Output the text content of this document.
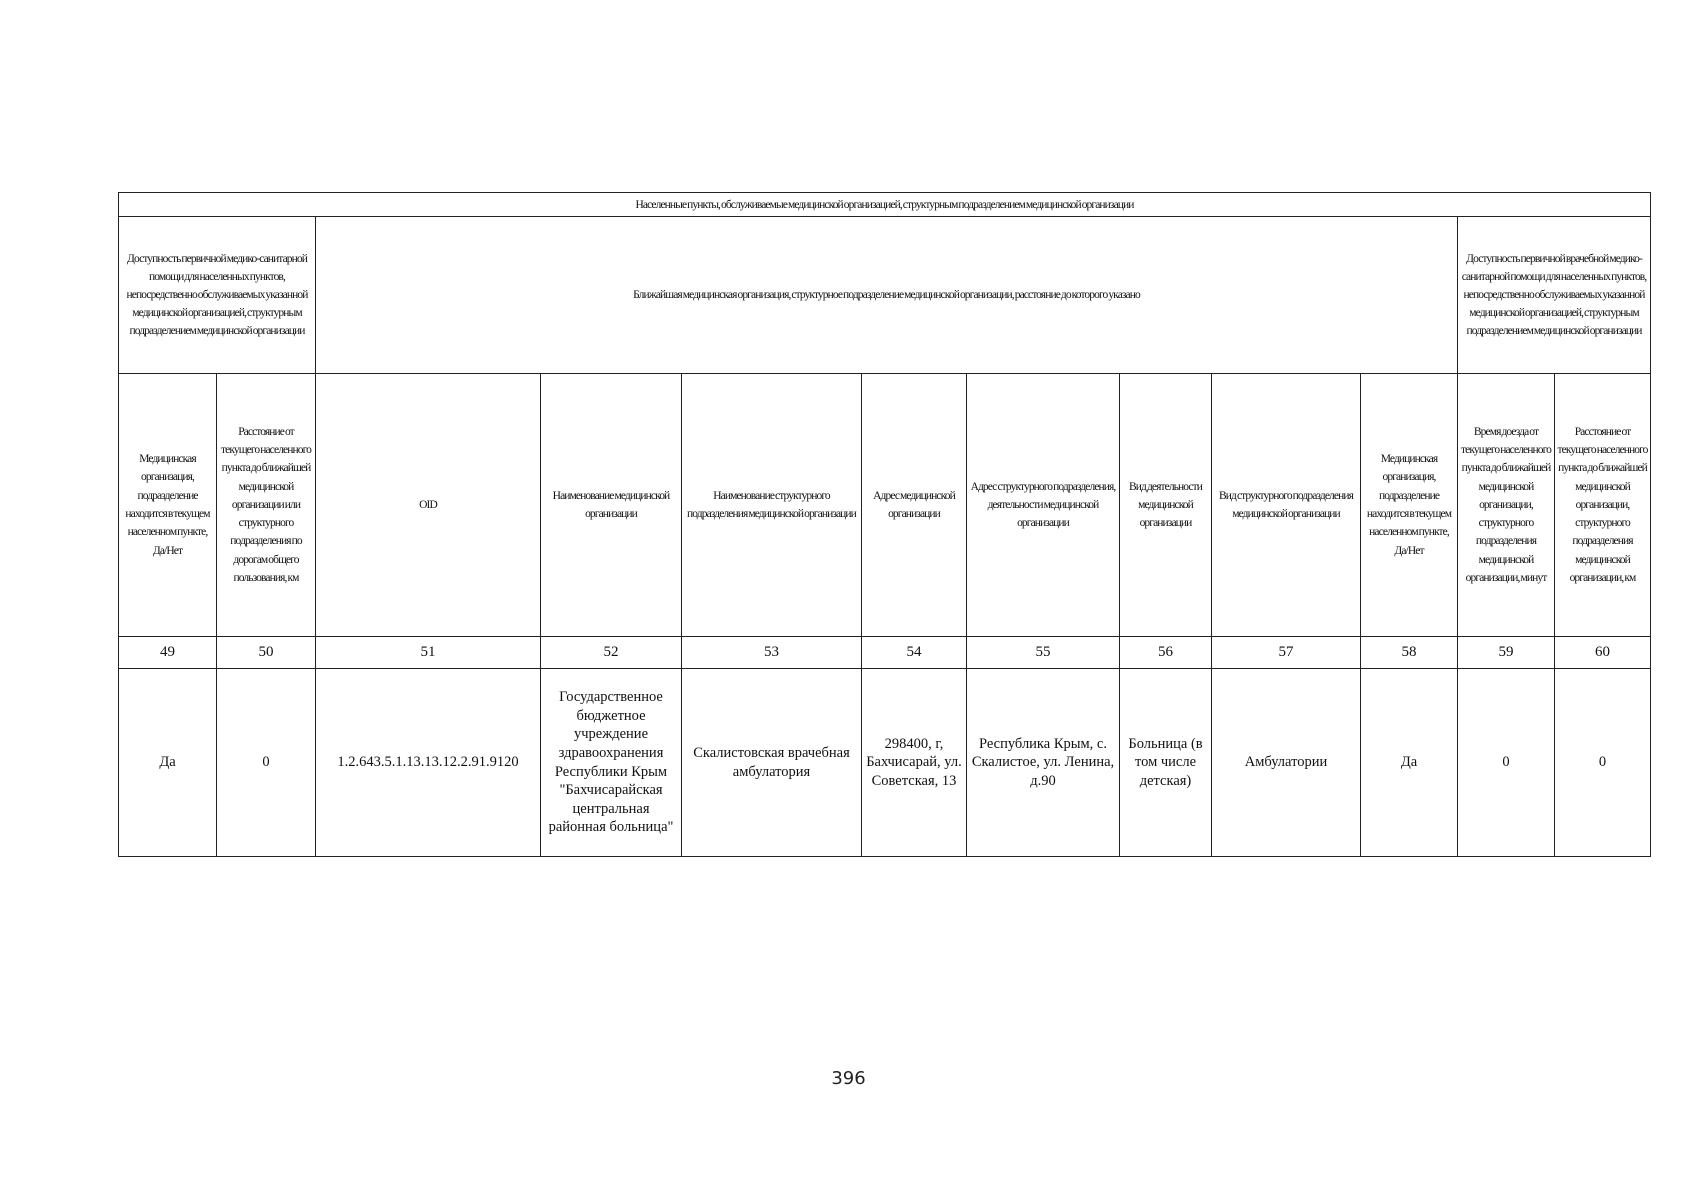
Населенные пункты, обслуживаемые медицинской организацией, структурным подразделением медицинской организации											
Доступность первичной медико-санитарной помощи для населенных пунктов, непосредственно обслуживаемых указанной медицинской организацией, структурным подразделением медицинской организации		Ближайшая медицинская организация, структурное подразделение медицинской организации, расстояние до которого указано								Доступность первичной врачебной медико-санитарной помощи для населенных пунктов, непосредственно обслуживаемых указанной медицинской организацией, структурным подразделением медицинской организации	
Медицинская организация, подразделение находится в текущем населенном пункте, Да/Нет	Расстояние от текущего населенного пункта до ближайшей медицинской организации или структурного подразделения по дорогам общего пользования, км	OID	Наименование медицинской организации	Наименование структурного подразделения медицинской организации	Адрес медицинской организации	Адрес структурного подразделения, деятельности медицинской организации	Вид деятельности медицинской организации	Вид структурного подразделения медицинской организации	Медицинская организация, подразделение находится в текущем населенном пункте, Да/Нет	Время доезда от текущего населенного пункта до ближайшей медицинской организации, структурного подразделения медицинской организации, минут	Расстояние от текущего населенного пункта до ближайшей медицинской организации, структурного подразделения медицинской организации, км
49	50	51	52	53	54	55	56	57	58	59	60
Да	0	1.2.643.5.1.13.13.12.2.91.9120	Государственное бюджетное учреждение здравоохранения Республики Крым "Бахчисарайская центральная районная больница"	Скалистовская врачебная амбулатория	298400, г, Бахчисарай, ул. Советская, 13	Республика Крым, с. Скалистое, ул. Ленина, д.90	Больница (в том числе детская)	Амбулатории	Да	0	0
396
